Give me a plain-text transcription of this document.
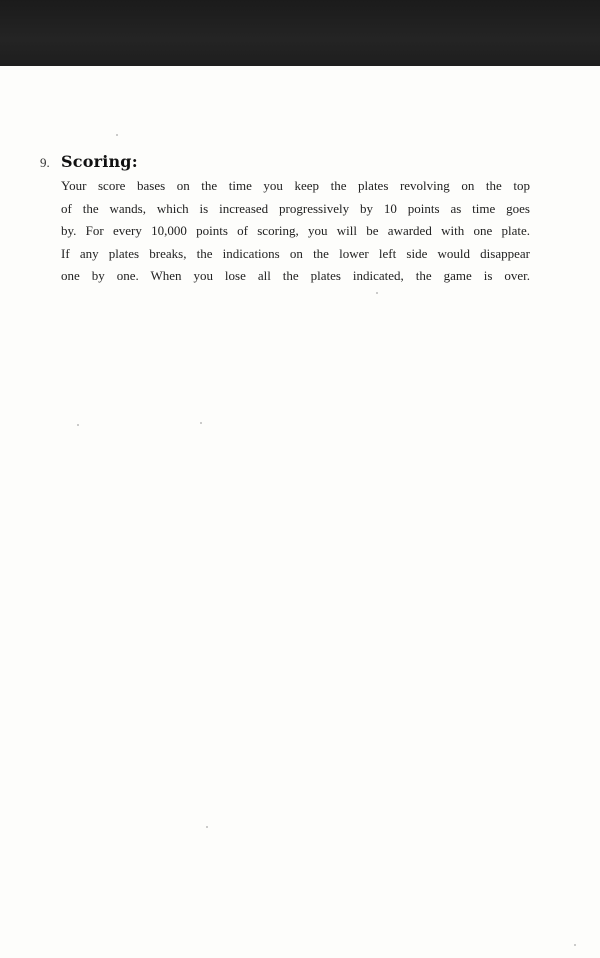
9. Scoring:
Your score bases on the time you keep the plates revolving on the top
of the wands, which is increased progressively by 10 points as time goes
by. For every 10,000 points of scoring, you will be awarded with one plate.
If any plates breaks, the indications on the lower left side would disappear
one by one. When you lose all the plates indicated, the game is over.
